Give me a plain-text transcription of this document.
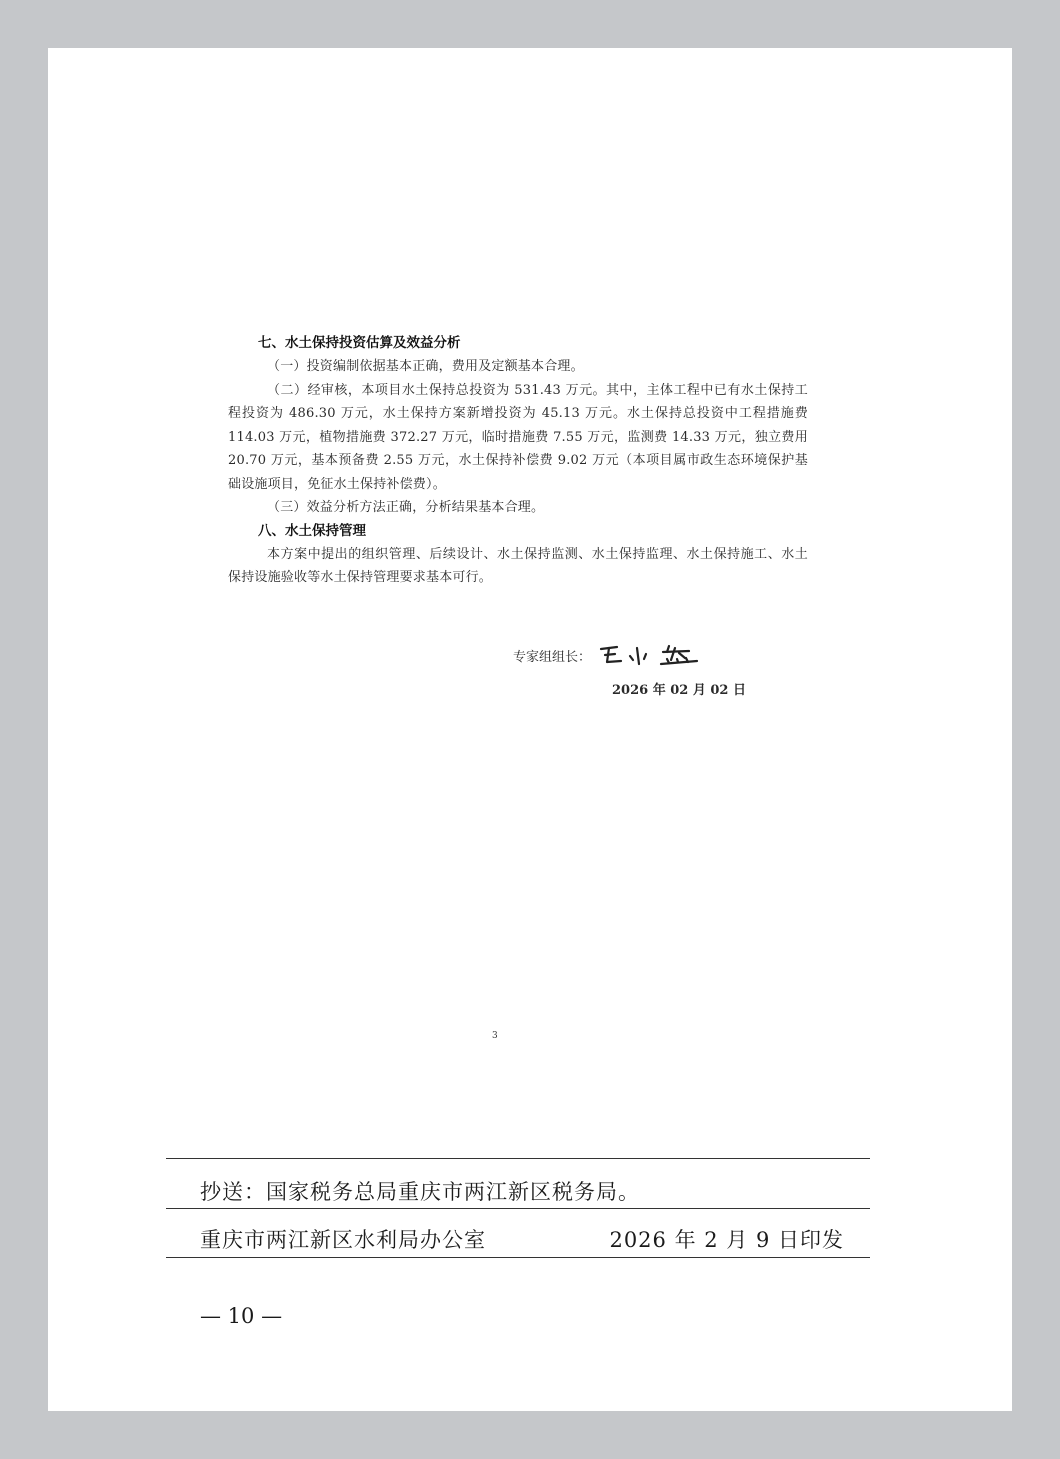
七、水土保持投资估算及效益分析
（一）投资编制依据基本正确，费用及定额基本合理。
（二）经审核，本项目水土保持总投资为 531.43 万元。其中，主体工程中已有水土保持工程投资为 486.30 万元，水土保持方案新增投资为 45.13 万元。水土保持总投资中工程措施费 114.03 万元，植物措施费 372.27 万元，临时措施费 7.55 万元，监测费 14.33 万元，独立费用 20.70 万元，基本预备费 2.55 万元，水土保持补偿费 9.02 万元（本项目属市政生态环境保护基础设施项目，免征水土保持补偿费）。
（三）效益分析方法正确，分析结果基本合理。
八、水土保持管理
本方案中提出的组织管理、后续设计、水土保持监测、水土保持监理、水土保持施工、水土保持设施验收等水土保持管理要求基本可行。
专家组组长：
2026 年 02 月 02 日
3
抄送：国家税务总局重庆市两江新区税务局。
重庆市两江新区水利局办公室	2026 年 2 月 9 日印发
— 10 —
